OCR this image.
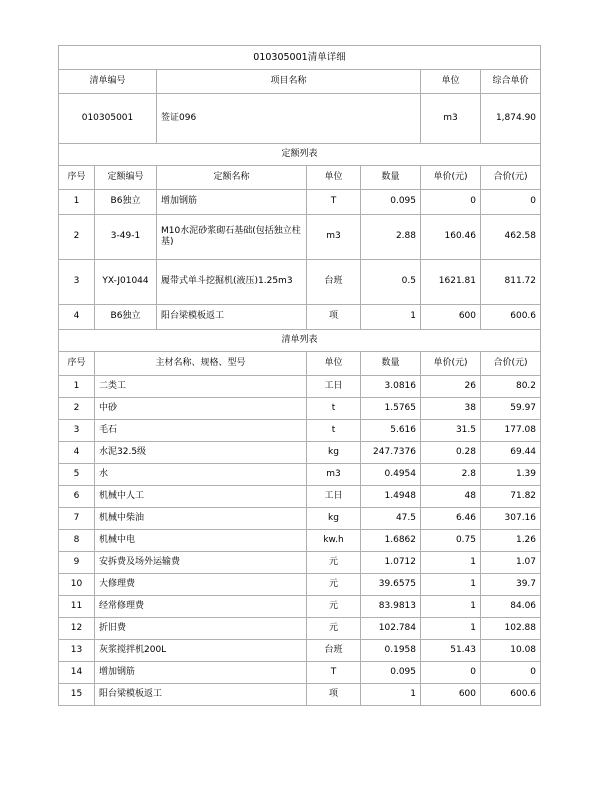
010305001清单详细						
清单编号		项目名称			单位	综合单价
010305001		签证096			m3	1,874.90
定额列表						
序号	定额编号	定额名称	单位	数量	单价(元)	合价(元)
1	B6独立	增加钢筋	T	0.095	0	0
2	3-49-1	M10水泥砂浆砌石基础(包括独立柱基)	m3	2.88	160.46	462.58
3	YX-J01044	履带式单斗挖掘机(液压)1.25m3	台班	0.5	1621.81	811.72
4	B6独立	阳台梁模板返工	项	1	600	600.6
清单列表						
序号	主材名称、规格、型号		单位	数量	单价(元)	合价(元)
1	二类工		工日	3.0816	26	80.2
2	中砂		t	1.5765	38	59.97
3	毛石		t	5.616	31.5	177.08
4	水泥32.5级		kg	247.7376	0.28	69.44
5	水		m3	0.4954	2.8	1.39
6	机械中人工		工日	1.4948	48	71.82
7	机械中柴油		kg	47.5	6.46	307.16
8	机械中电		kw.h	1.6862	0.75	1.26
9	安拆费及场外运输费		元	1.0712	1	1.07
10	大修理费		元	39.6575	1	39.7
11	经常修理费		元	83.9813	1	84.06
12	折旧费		元	102.784	1	102.88
13	灰浆搅拌机200L		台班	0.1958	51.43	10.08
14	增加钢筋		T	0.095	0	0
15	阳台梁模板返工		项	1	600	600.6
